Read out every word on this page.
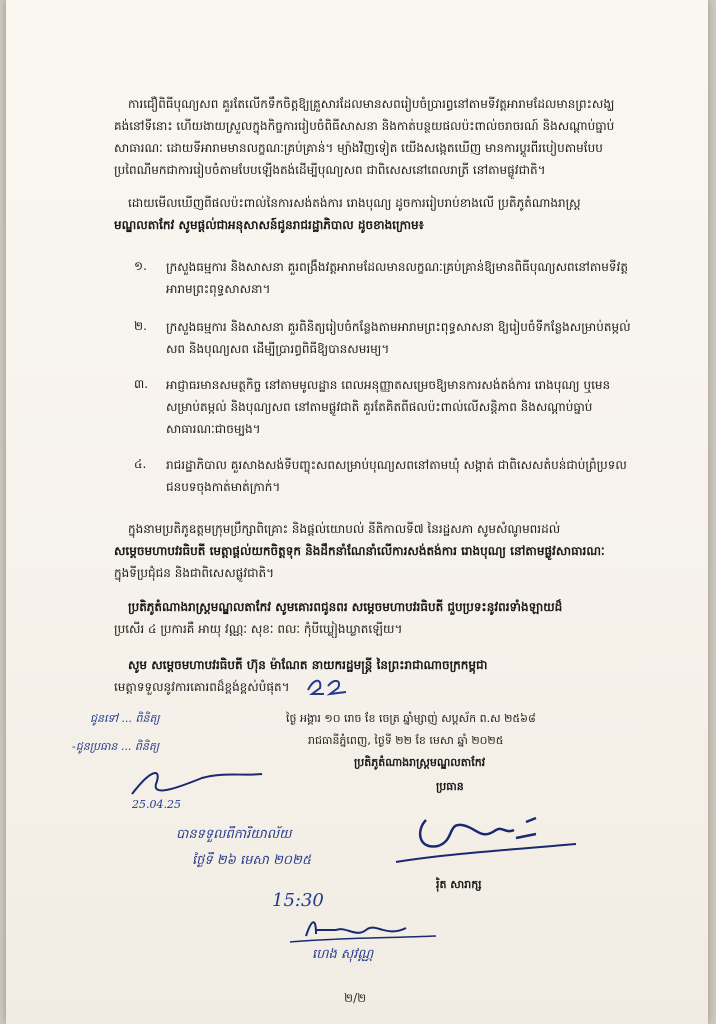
ការជឿពិធីបុណ្យសព គួរតែលើកទឹកចិត្តឱ្យគ្រួសារដែលមានសពរៀបចំប្រារព្ធនៅតាមទីវត្តអារាមដែលមានព្រះសង្ឃ
គង់នៅទីនោះ ហើយងាយស្រួលក្នុងកិច្ចការរៀបចំពិធីសាសនា និងកាត់បន្ថយផលប៉ះពាល់ចរាចរណ៍ និងសណ្តាប់ធ្នាប់
សាធារណៈ ដោយទីអារាមមានលក្ខណៈគ្រប់គ្រាន់។ ម្យ៉ាងវិញទៀត យើងសង្កេតឃើញ មានការប្តូរពីរបៀបតាមបែប
ប្រពៃណីមកជាការរៀបចំតាមបែបឡើងតង់ដើម្បីបុណ្យសព ជាពិសេសនៅពេលរាត្រី នៅតាមផ្លូវជាតិ។
ដោយមើលឃើញពីផលប៉ះពាល់នៃការសង់តង់ការ រោងបុណ្យ ដូចការរៀបរាប់ខាងលើ ប្រតិភូតំណាងរាស្ត្រ
មណ្ឌលតាកែវ សូមផ្តល់ជាអនុសាសន៍ជូនរាជរដ្ឋាភិបាល ដូចខាងក្រោម៖
១. ក្រសួងធម្មការ និងសាសនា គួរពង្រឹងវត្តអារាមដែលមានលក្ខណៈគ្រប់គ្រាន់ឱ្យមានពិធីបុណ្យសពនៅតាមទីវត្ត
អារាមព្រះពុទ្ធសាសនា។
២. ក្រសួងធម្មការ និងសាសនា គួរពិនិត្យរៀបចំកន្លែងតាមអារាមព្រះពុទ្ធសាសនា ឱ្យរៀបចំទីកន្លែងសម្រាប់តម្កល់
សព និងបុណ្យសព ដើម្បីប្រារព្ធពិធីឱ្យបានសមរម្យ។
៣. អាជ្ញាធរមានសមត្ថកិច្ច នៅតាមមូលដ្ឋាន ពេលអនុញ្ញាតសម្រេចឱ្យមានការសង់តង់ការ រោងបុណ្យ ឬមេន
សម្រាប់តម្កល់ និងបុណ្យសព នៅតាមផ្លូវជាតិ គួរតែគិតពីផលប៉ះពាល់លើសន្តិភាព និងសណ្តាប់ធ្នាប់
សាធារណៈជាចម្បង។
៤. រាជរដ្ឋាភិបាល គួរសាងសង់ទីបញ្ចុះសពសម្រាប់បុណ្យសពនៅតាមឃុំ សង្កាត់ ជាពិសេសតំបន់ជាប់ព្រំប្រទល
ជនបទចុងកាត់មាត់ក្រាក់។
ក្នុងនាមប្រតិភូឧត្តមក្រុមប្រឹក្សាពិគ្រោះ និងផ្តល់យោបល់ នីតិកាលទី៧ នៃរដ្ឋសភា សូមសំណូមពរដល់
សម្តេចមហាបវរធិបតី មេត្តាផ្តល់យកចិត្តទុក និងដឹកនាំណែនាំលើការសង់តង់ការ រោងបុណ្យ នៅតាមផ្លូវសាធារណៈ
ក្នុងទីប្រជុំជន និងជាពិសេសផ្លូវជាតិ។
ប្រតិភូតំណាងរាស្ត្រមណ្ឌលតាកែវ សូមគោរពជូនពរ សម្តេចមហាបវរធិបតី ជួបប្រទះនូវពរទាំងឡាយដ៏
ប្រសើរ ៤ ប្រការគឺ អាយុ វណ្ណៈ សុខៈ ពលៈ កុំបីឃ្លៀងឃ្លាតឡើយ។
សូម សម្តេចមហាបវរធិបតី ហ៊ុន ម៉ាណែត នាយករដ្ឋមន្ត្រី នៃព្រះរាជាណាចក្រកម្ពុជា
មេត្តាទទួលនូវការគោរពដ៏ខ្ពង់ខ្ពស់បំផុត។
ថ្ងៃ អង្គារ ១០ រោច ខែ ចេត្រ ឆ្នាំម្សាញ់ សប្តស័ក ព.ស ២៥៦៨
រាជធានីភ្នំពេញ, ថ្ងៃទី ២២ ខែ មេសា ឆ្នាំ ២០២៥
ប្រតិភូតំណាងរាស្ត្រមណ្ឌលតាកែវ
ប្រធាន
ជូនទៅ ... ពិនិត្យ
-ជូនប្រធាន ... ពិនិត្យ
25.04.25
រ៉ិត សារាក្ស
បានទទួលពីការិយាល័យ
ថ្ងៃទី ២៦ មេសា ២០២៥
15:30
ហេង សុវណ្ណ
២/២
